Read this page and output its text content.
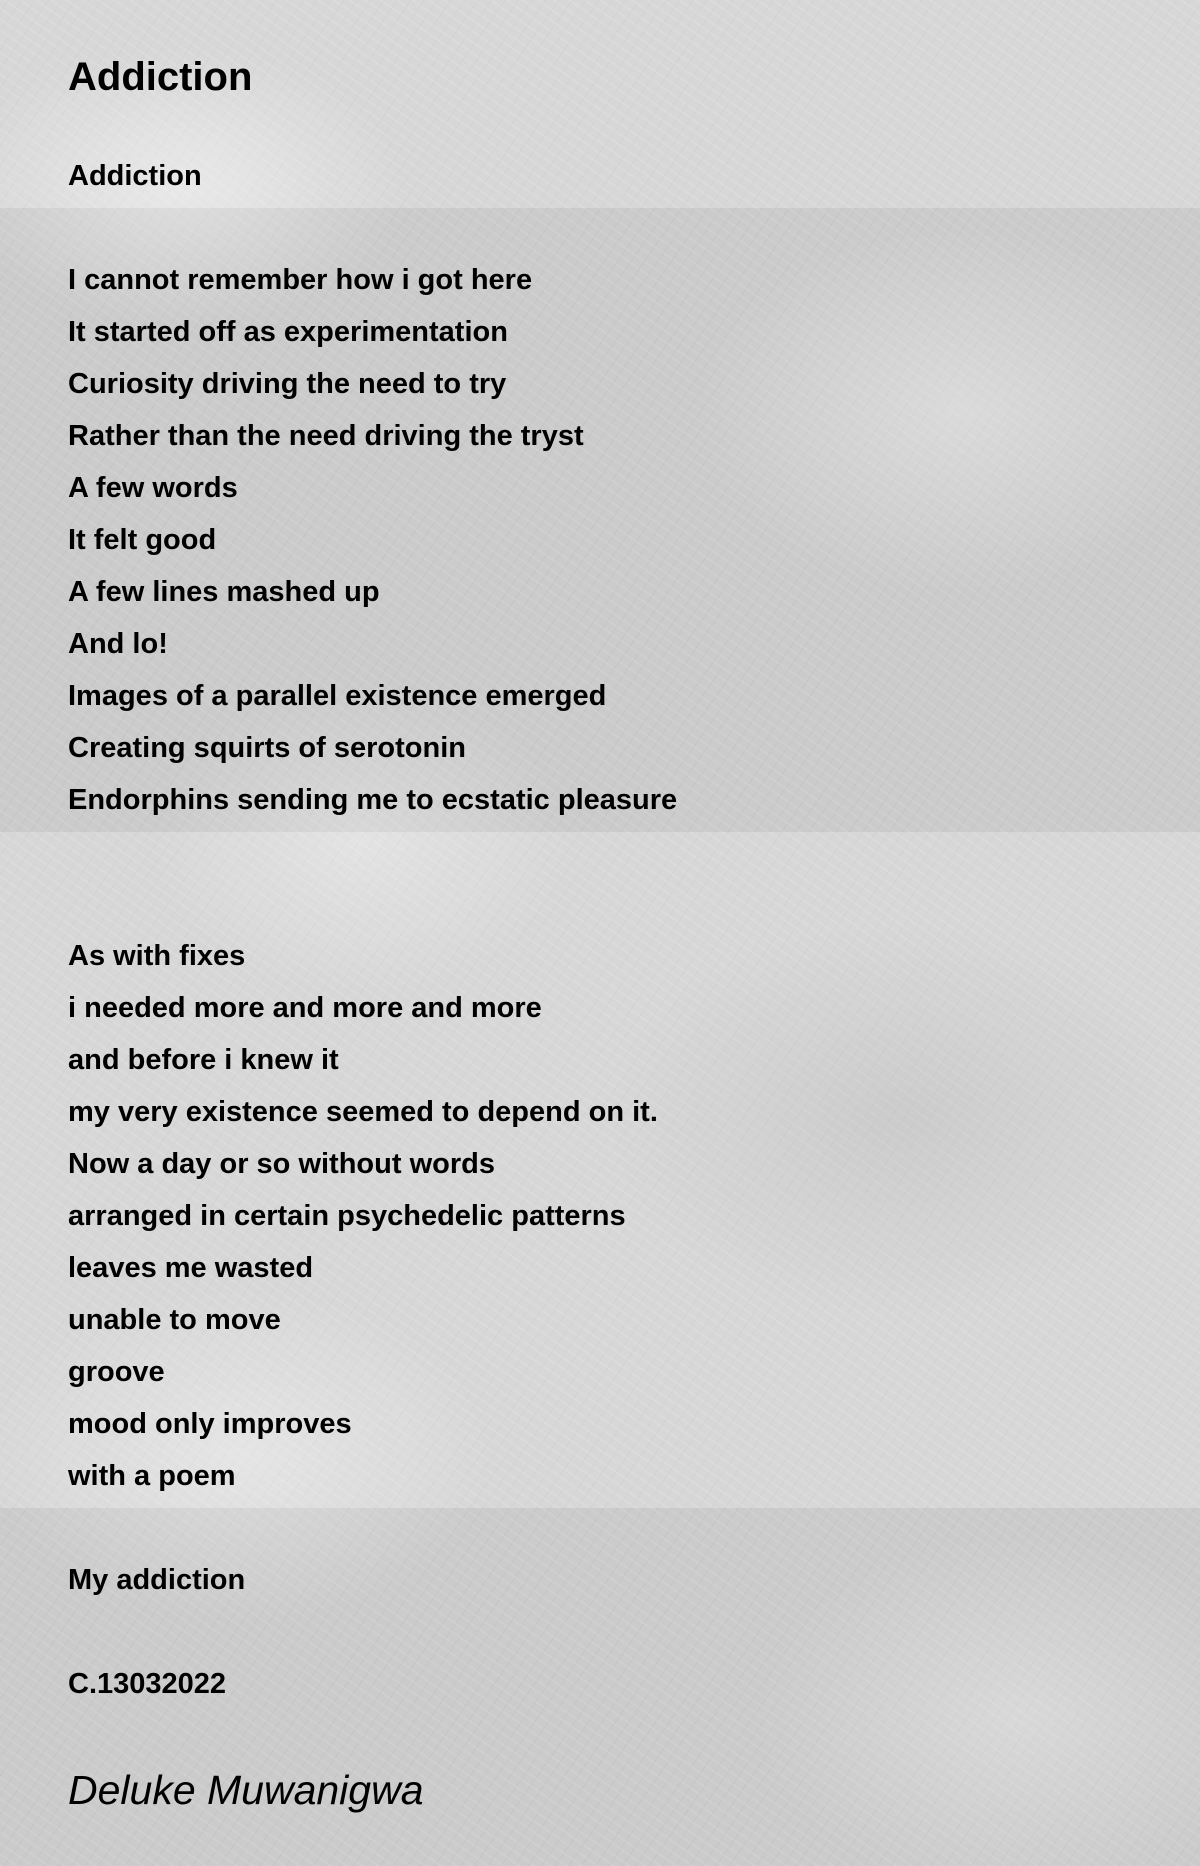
Addiction
Addiction
I cannot remember how i got here
It started off as experimentation
Curiosity driving the need to try
Rather than the need driving the tryst
A few words
It felt good
A few lines mashed up
And lo!
Images of a parallel existence emerged
Creating squirts of serotonin
Endorphins sending me to ecstatic pleasure
As with fixes
i needed more and more and more
and before i knew it
my very existence seemed to depend on it.
Now a day or so without words
arranged in certain psychedelic patterns
leaves me wasted
unable to move
groove
mood only improves
with a poem
My addiction
C.13032022
Deluke Muwanigwa
